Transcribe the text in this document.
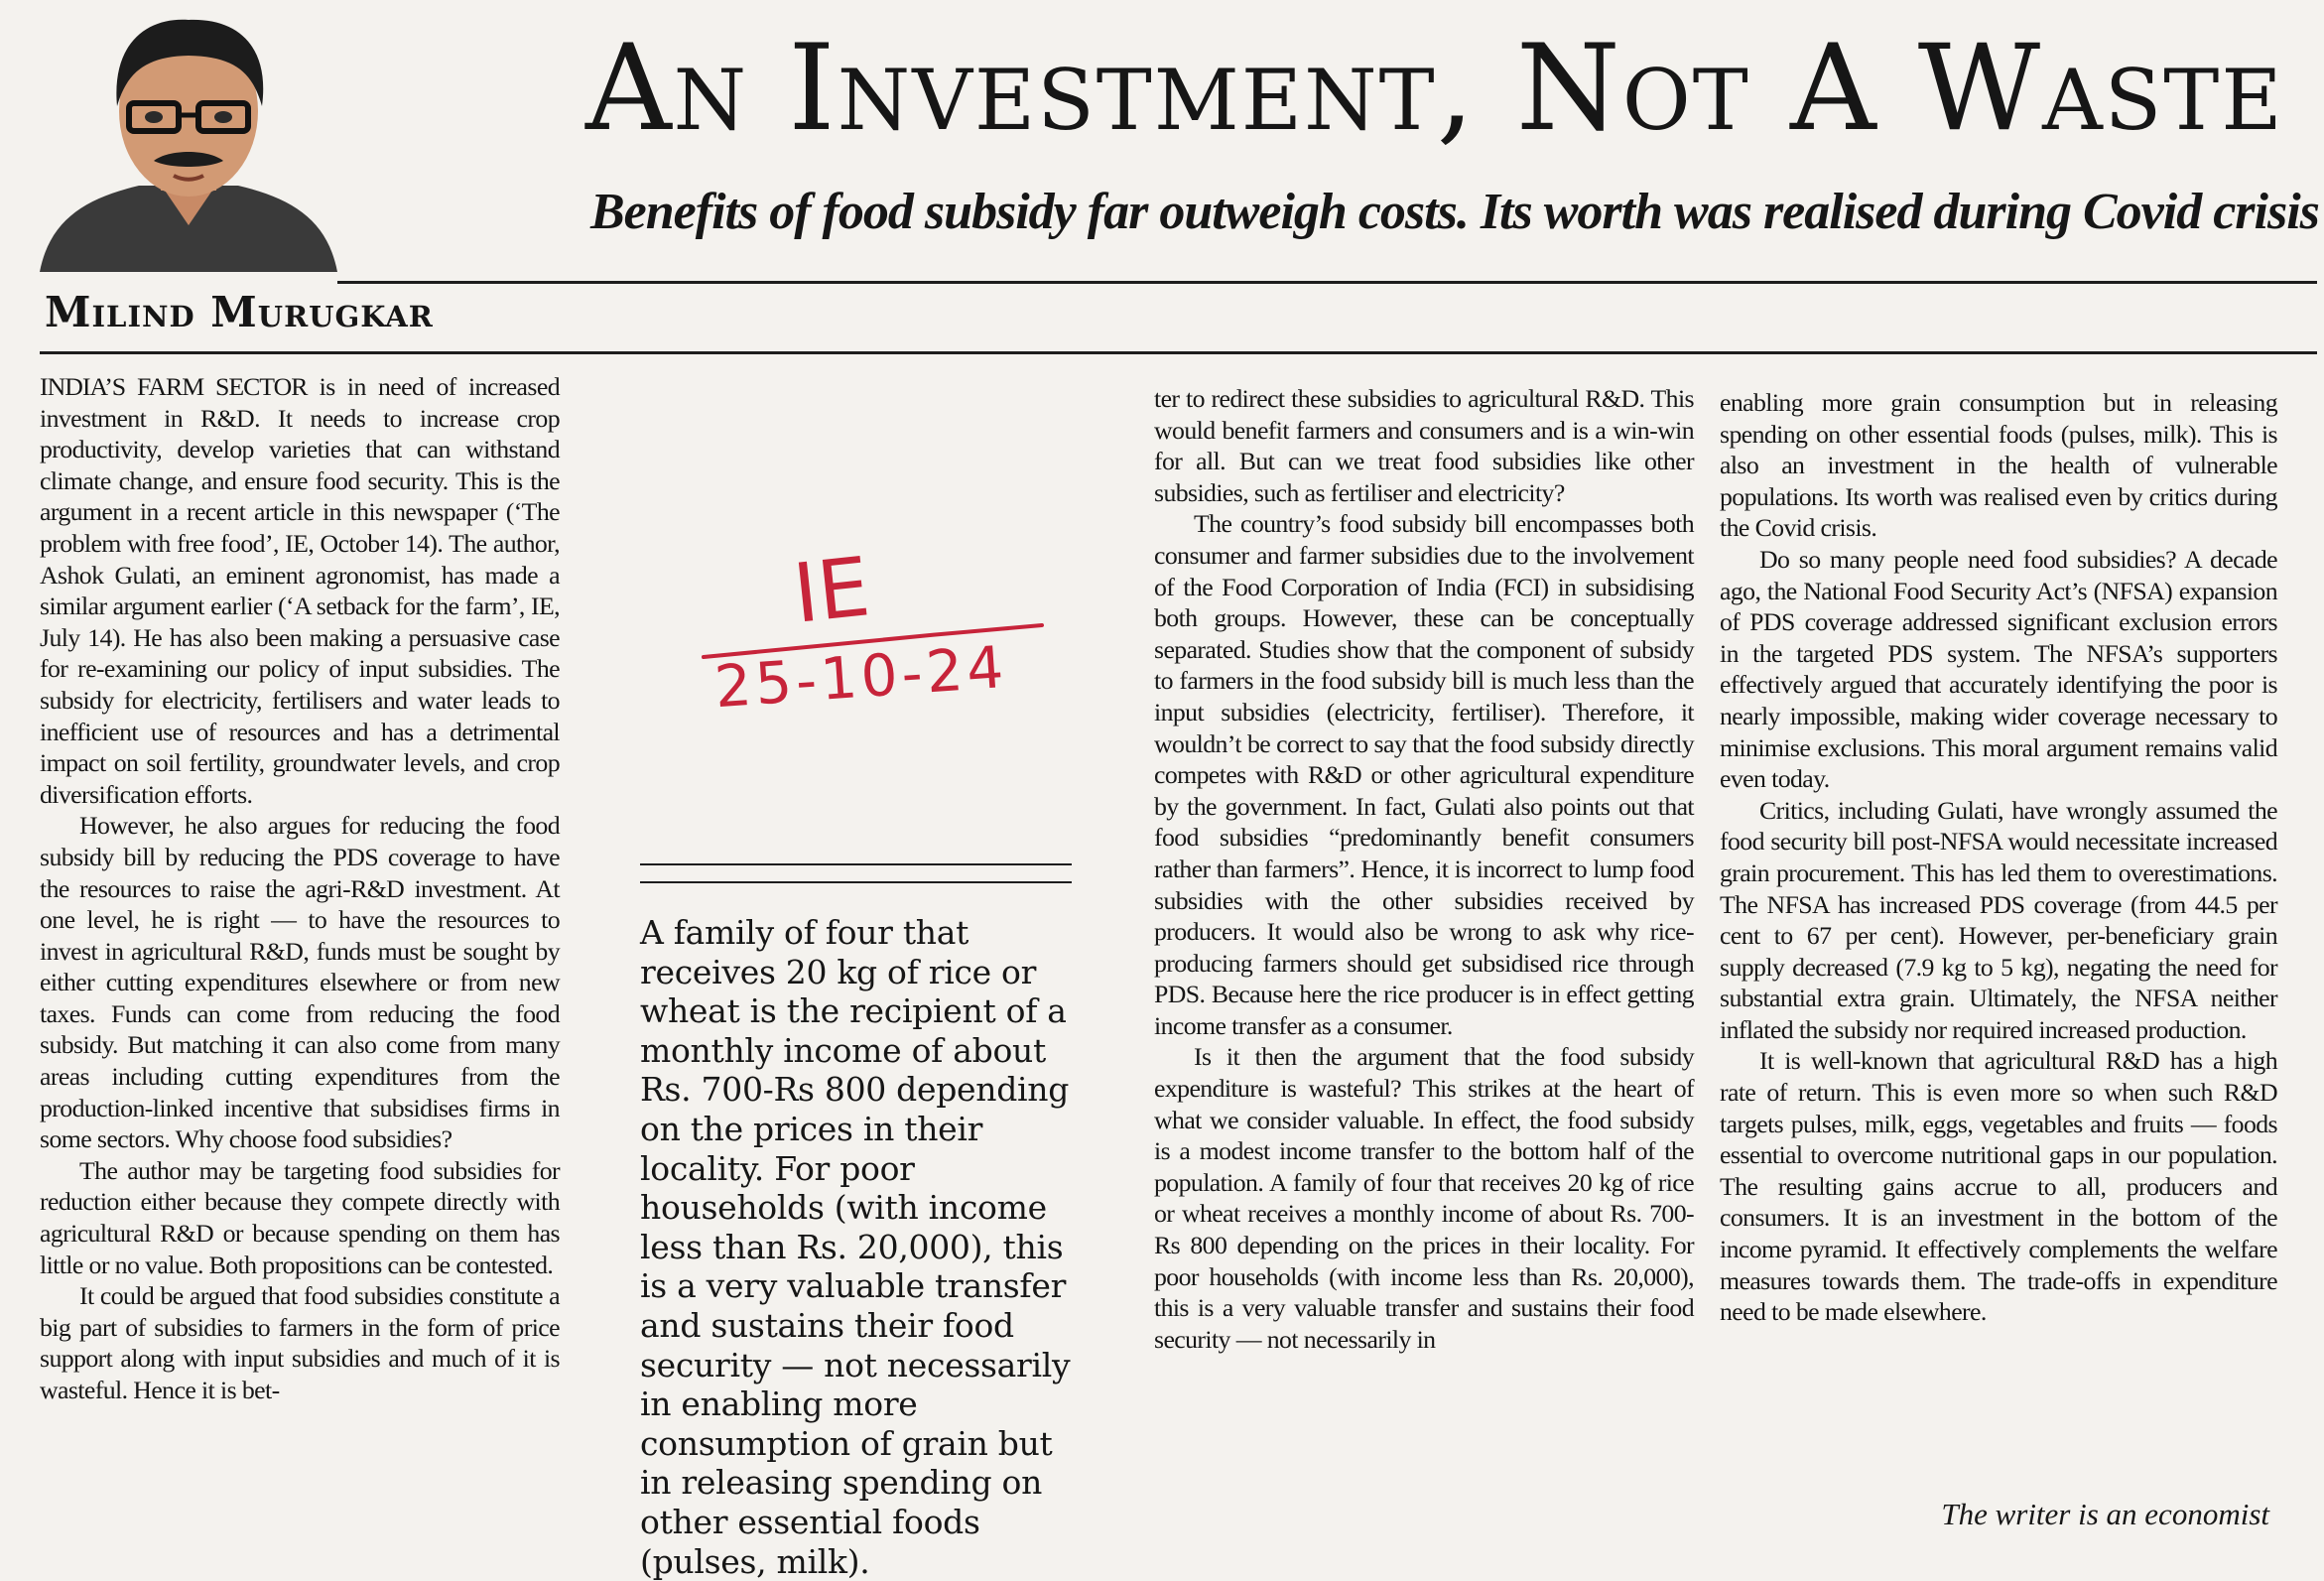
An Investment, Not A Waste
Benefits of food subsidy far outweigh costs. Its worth was realised during Covid crisis
Milind Murugkar

INDIA’S FARM SECTOR is in need of increased investment in R&D. It needs to increase crop productivity, develop varieties that can withstand climate change, and ensure food security. This is the argument in a recent article in this newspaper (‘The problem with free food’, IE, October 14). The author, Ashok Gulati, an eminent agronomist, has made a similar argument earlier (‘A setback for the farm’, IE, July 14). He has also been making a persuasive case for re-examining our policy of input subsidies. The subsidy for electricity, fertilisers and water leads to inefficient use of resources and has a detrimental impact on soil fertility, groundwater levels, and crop diversification efforts.

However, he also argues for reducing the food subsidy bill by reducing the PDS coverage to have the resources to raise the agri-R&D investment. At one level, he is right — to have the resources to invest in agricultural R&D, funds must be sought by either cutting expenditures elsewhere or from new taxes. Funds can come from reducing the food subsidy. But matching it can also come from many areas including cutting expenditures from the production-linked incentive that subsidises firms in some sectors. Why choose food subsidies?

The author may be targeting food subsidies for reduction either because they compete directly with agricultural R&D or because spending on them has little or no value. Both propositions can be contested.

It could be argued that food subsidies constitute a big part of subsidies to farmers in the form of price support along with input subsidies and much of it is wasteful. Hence it is bet-

IE
25-10-24

A family of four that receives 20 kg of rice or wheat is the recipient of a monthly income of about Rs. 700-Rs 800 depending on the prices in their locality. For poor households (with income less than Rs. 20,000), this is a very valuable transfer and sustains their food security — not necessarily in enabling more consumption of grain but in releasing spending on other essential foods (pulses, milk).

ter to redirect these subsidies to agricultural R&D. This would benefit farmers and consumers and is a win-win for all. But can we treat food subsidies like other subsidies, such as fertiliser and electricity?

The country’s food subsidy bill encompasses both consumer and farmer subsidies due to the involvement of the Food Corporation of India (FCI) in subsidising both groups. However, these can be conceptually separated. Studies show that the component of subsidy to farmers in the food subsidy bill is much less than the input subsidies (electricity, fertiliser). Therefore, it wouldn’t be correct to say that the food subsidy directly competes with R&D or other agricultural expenditure by the government. In fact, Gulati also points out that food subsidies “predominantly benefit consumers rather than farmers”. Hence, it is incorrect to lump food subsidies with the other subsidies received by producers. It would also be wrong to ask why rice-producing farmers should get subsidised rice through PDS. Because here the rice producer is in effect getting income transfer as a consumer.

Is it then the argument that the food subsidy expenditure is wasteful? This strikes at the heart of what we consider valuable. In effect, the food subsidy is a modest income transfer to the bottom half of the population. A family of four that receives 20 kg of rice or wheat receives a monthly income of about Rs. 700-Rs 800 depending on the prices in their locality. For poor households (with income less than Rs. 20,000), this is a very valuable transfer and sustains their food security — not necessarily in

enabling more grain consumption but in releasing spending on other essential foods (pulses, milk). This is also an investment in the health of vulnerable populations. Its worth was realised even by critics during the Covid crisis.

Do so many people need food subsidies? A decade ago, the National Food Security Act’s (NFSA) expansion of PDS coverage addressed significant exclusion errors in the targeted PDS system. The NFSA’s supporters effectively argued that accurately identifying the poor is nearly impossible, making wider coverage necessary to minimise exclusions. This moral argument remains valid even today.

Critics, including Gulati, have wrongly assumed the food security bill post-NFSA would necessitate increased grain procurement. This has led them to overestimations. The NFSA has increased PDS coverage (from 44.5 per cent to 67 per cent). However, per-beneficiary grain supply decreased (7.9 kg to 5 kg), negating the need for substantial extra grain. Ultimately, the NFSA neither inflated the subsidy nor required increased production.

It is well-known that agricultural R&D has a high rate of return. This is even more so when such R&D targets pulses, milk, eggs, vegetables and fruits — foods essential to overcome nutritional gaps in our population. The resulting gains accrue to all, producers and consumers. It is an investment in the bottom of the income pyramid. It effectively complements the welfare measures towards them. The trade-offs in expenditure need to be made elsewhere.

The writer is an economist
